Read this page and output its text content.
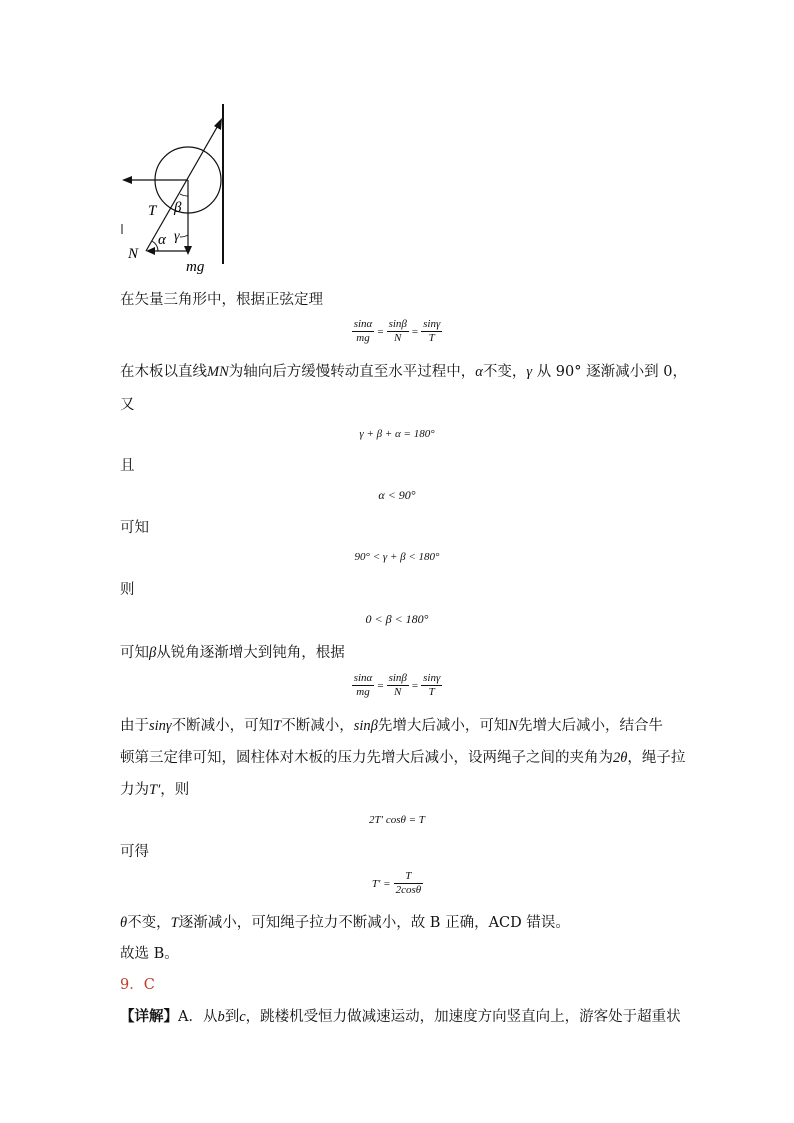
T β
α γ
N
mg
在矢量三角形中，根据正弦定理
$\frac{\sin\alpha}{mg} = \frac{\sin\beta}{N} = \frac{\sin\gamma}{T}$
在木板以直线MN为轴向后方缓慢转动直至水平过程中，α不变，γ 从 90° 逐渐减小到 0，
又
γ + β + α = 180°
且
α < 90°
可知
90° < γ + β < 180°
则
0 < β < 180°
可知β从锐角逐渐增大到钝角，根据
$\frac{\sin\alpha}{mg} = \frac{\sin\beta}{N} = \frac{\sin\gamma}{T}$
由于sinγ不断减小，可知T不断减小，sinβ先增大后减小，可知N先增大后减小，结合牛
顿第三定律可知，圆柱体对木板的压力先增大后减小，设两绳子之间的夹角为2θ，绳子拉
力为T′，则
2T′ cosθ = T
可得
$T' = \frac{T}{2\cos\theta}$
θ不变，T逐渐减小，可知绳子拉力不断减小，故 B 正确，ACD 错误。
故选 B。
9．C
【详解】A．从b到c，跳楼机受恒力做减速运动，加速度方向竖直向上，游客处于超重状
